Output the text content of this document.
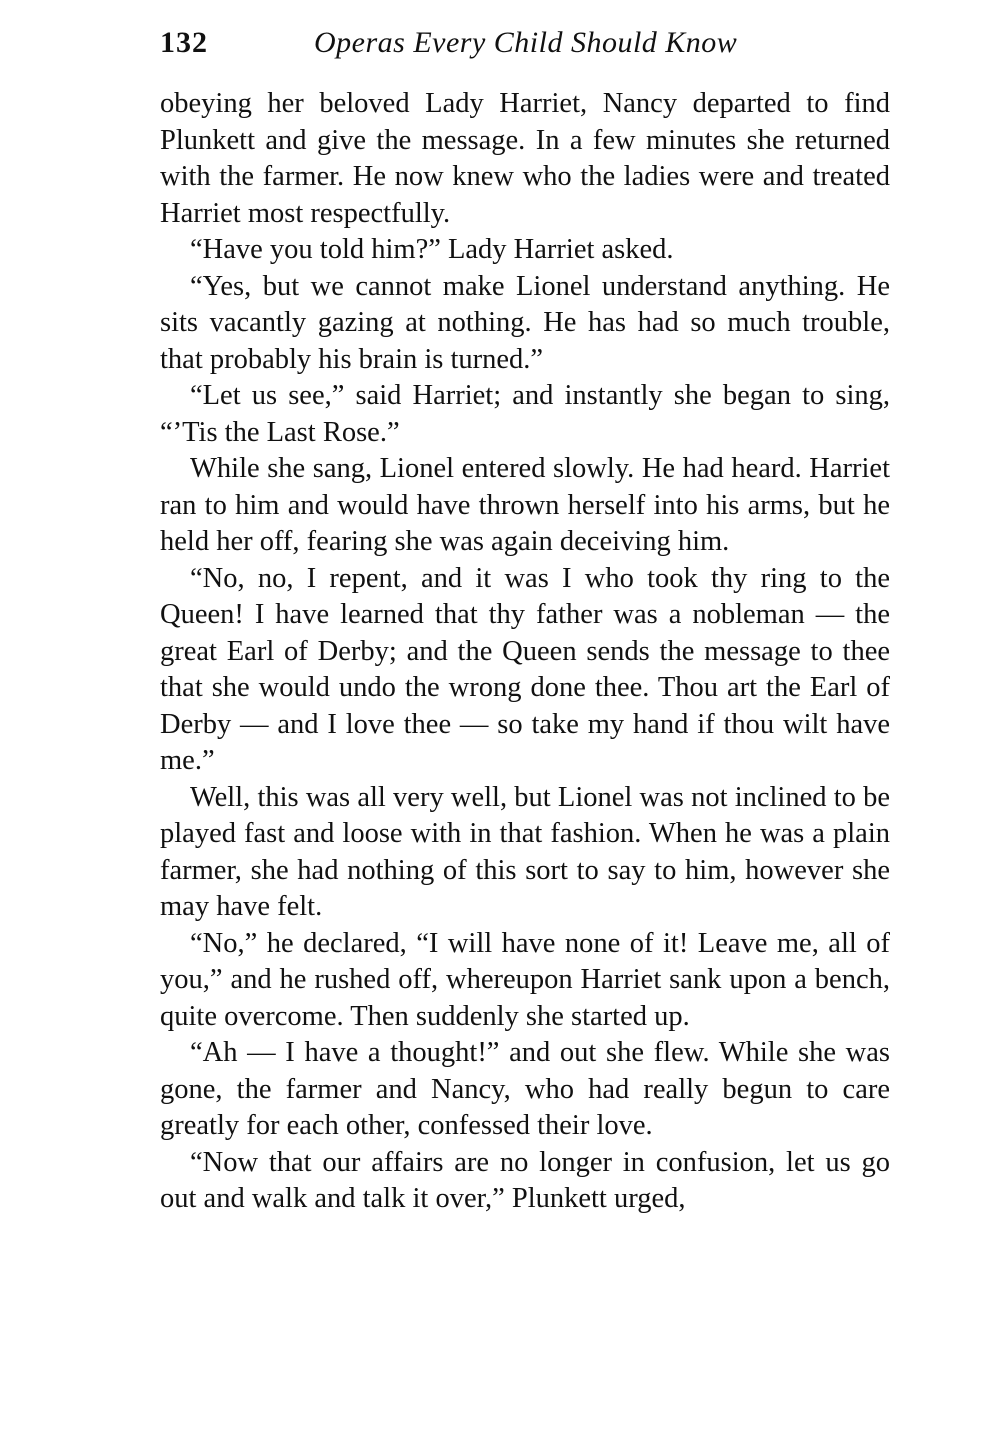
132	Operas Every Child Should Know

obeying her beloved Lady Harriet, Nancy departed to find Plunkett and give the message. In a few minutes she returned with the farmer. He now knew who the ladies were and treated Harriet most respectfully.

“Have you told him?” Lady Harriet asked.

“Yes, but we cannot make Lionel understand anything. He sits vacantly gazing at nothing. He has had so much trouble, that probably his brain is turned.”

“Let us see,” said Harriet; and instantly she began to sing, “’Tis the Last Rose.”

While she sang, Lionel entered slowly. He had heard. Harriet ran to him and would have thrown herself into his arms, but he held her off, fearing she was again deceiving him.

“No, no, I repent, and it was I who took thy ring to the Queen! I have learned that thy father was a nobleman — the great Earl of Derby; and the Queen sends the message to thee that she would undo the wrong done thee. Thou art the Earl of Derby — and I love thee — so take my hand if thou wilt have me.”

Well, this was all very well, but Lionel was not inclined to be played fast and loose with in that fashion. When he was a plain farmer, she had nothing of this sort to say to him, however she may have felt.

“No,” he declared, “I will have none of it! Leave me, all of you,” and he rushed off, whereupon Harriet sank upon a bench, quite overcome. Then suddenly she started up.

“Ah — I have a thought!” and out she flew. While she was gone, the farmer and Nancy, who had really begun to care greatly for each other, confessed their love.

“Now that our affairs are no longer in confusion, let us go out and walk and talk it over,” Plunkett urged,
